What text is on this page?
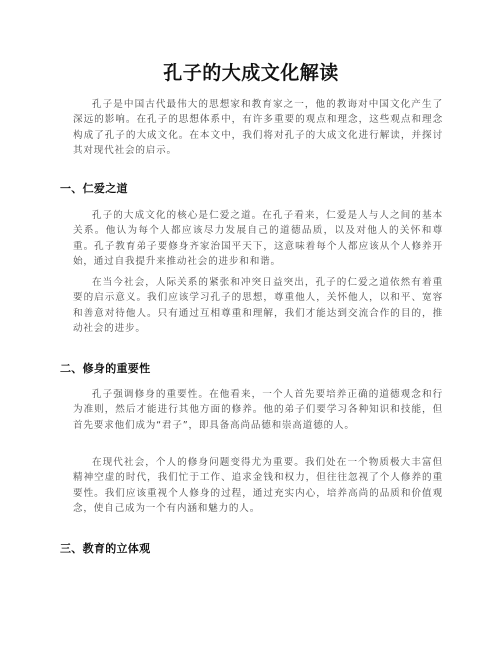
孔子的大成文化解读
孔子是中国古代最伟大的思想家和教育家之一，他的教诲对中国文化产生了深远的影响。在孔子的思想体系中，有许多重要的观点和理念，这些观点和理念构成了孔子的大成文化。在本文中，我们将对孔子的大成文化进行解读，并探讨其对现代社会的启示。
一、仁爱之道
孔子的大成文化的核心是仁爱之道。在孔子看来，仁爱是人与人之间的基本关系。他认为每个人都应该尽力发展自己的道德品质，以及对他人的关怀和尊重。孔子教育弟子要修身齐家治国平天下，这意味着每个人都应该从个人修养开始，通过自我提升来推动社会的进步和和谐。
在当今社会，人际关系的紧张和冲突日益突出，孔子的仁爱之道依然有着重要的启示意义。我们应该学习孔子的思想，尊重他人，关怀他人，以和平、宽容和善意对待他人。只有通过互相尊重和理解，我们才能达到交流合作的目的，推动社会的进步。
二、修身的重要性
孔子强调修身的重要性。在他看来，一个人首先要培养正确的道德观念和行为准则，然后才能进行其他方面的修养。他的弟子们要学习各种知识和技能，但首先要求他们成为“君子”，即具备高尚品德和崇高道德的人。
在现代社会，个人的修身问题变得尤为重要。我们处在一个物质极大丰富但精神空虚的时代，我们忙于工作、追求金钱和权力，但往往忽视了个人修养的重要性。我们应该重视个人修身的过程，通过充实内心，培养高尚的品质和价值观念，使自己成为一个有内涵和魅力的人。
三、教育的立体观
